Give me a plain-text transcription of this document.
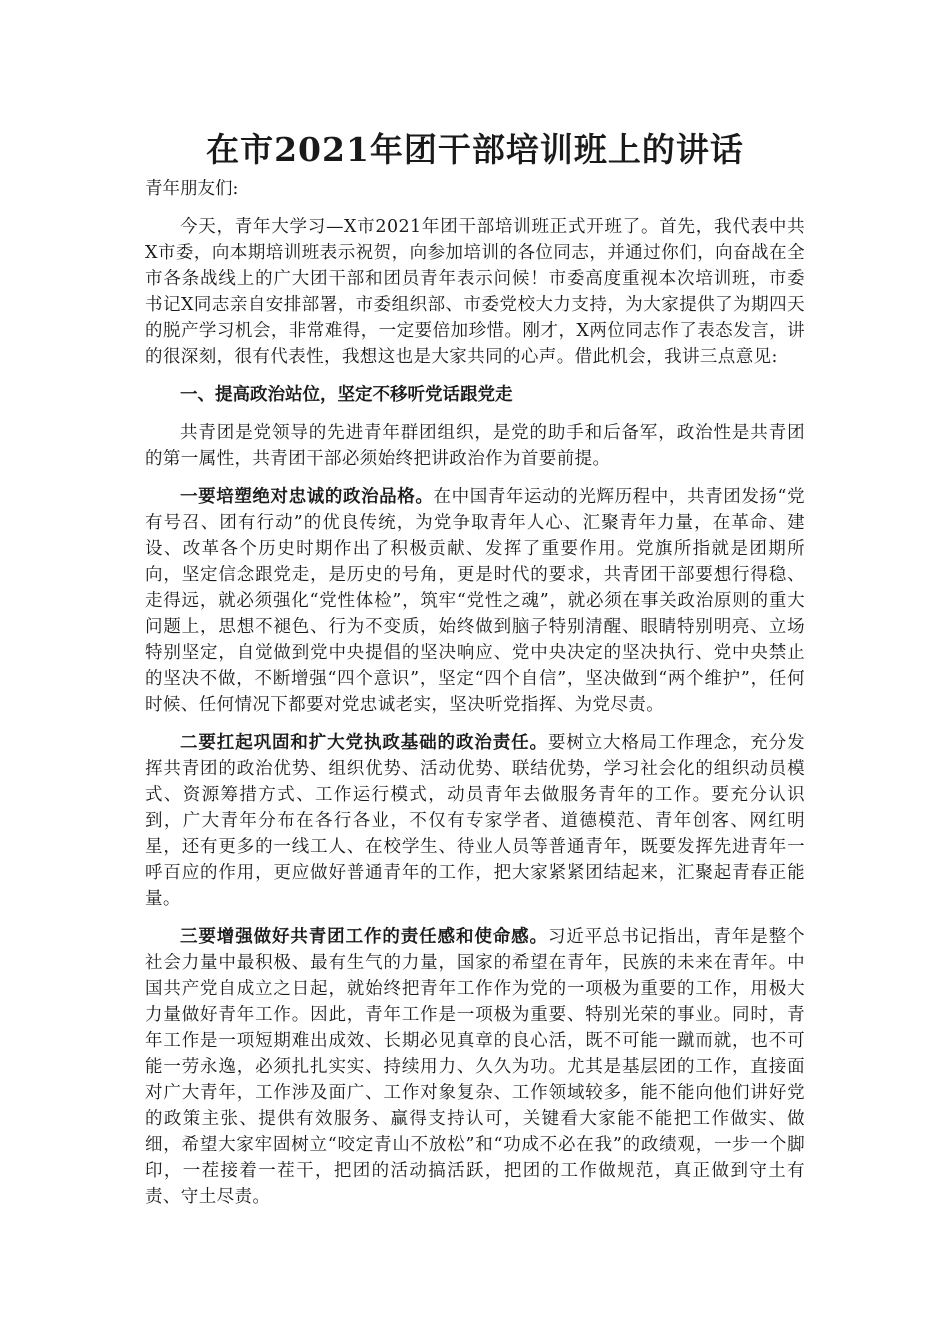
在市2021年团干部培训班上的讲话

青年朋友们:

今天，青年大学习—X市2021年团干部培训班正式开班了。首先，我代表中共X市委，向本期培训班表示祝贺，向参加培训的各位同志，并通过你们，向奋战在全市各条战线上的广大团干部和团员青年表示问候！市委高度重视本次培训班，市委书记X同志亲自安排部署，市委组织部、市委党校大力支持，为大家提供了为期四天的脱产学习机会，非常难得，一定要倍加珍惜。刚才，X两位同志作了表态发言，讲的很深刻，很有代表性，我想这也是大家共同的心声。借此机会，我讲三点意见:

一、提高政治站位，坚定不移听党话跟党走

共青团是党领导的先进青年群团组织，是党的助手和后备军，政治性是共青团的第一属性，共青团干部必须始终把讲政治作为首要前提。

一要培塑绝对忠诚的政治品格。在中国青年运动的光辉历程中，共青团发扬“党有号召、团有行动”的优良传统，为党争取青年人心、汇聚青年力量，在革命、建设、改革各个历史时期作出了积极贡献、发挥了重要作用。党旗所指就是团期所向，坚定信念跟党走，是历史的号角，更是时代的要求，共青团干部要想行得稳、走得远，就必须强化“党性体检”，筑牢“党性之魂”，就必须在事关政治原则的重大问题上，思想不褪色、行为不变质，始终做到脑子特别清醒、眼睛特别明亮、立场特别坚定，自觉做到党中央提倡的坚决响应、党中央决定的坚决执行、党中央禁止的坚决不做，不断增强“四个意识”，坚定“四个自信”，坚决做到“两个维护”，任何时候、任何情况下都要对党忠诚老实，坚决听党指挥、为党尽责。

二要扛起巩固和扩大党执政基础的政治责任。要树立大格局工作理念，充分发挥共青团的政治优势、组织优势、活动优势、联结优势，学习社会化的组织动员模式、资源筹措方式、工作运行模式，动员青年去做服务青年的工作。要充分认识到，广大青年分布在各行各业，不仅有专家学者、道德模范、青年创客、网红明星，还有更多的一线工人、在校学生、待业人员等普通青年，既要发挥先进青年一呼百应的作用，更应做好普通青年的工作，把大家紧紧团结起来，汇聚起青春正能量。

三要增强做好共青团工作的责任感和使命感。习近平总书记指出，青年是整个社会力量中最积极、最有生气的力量，国家的希望在青年，民族的未来在青年。中国共产党自成立之日起，就始终把青年工作作为党的一项极为重要的工作，用极大力量做好青年工作。因此，青年工作是一项极为重要、特别光荣的事业。同时，青年工作是一项短期难出成效、长期必见真章的良心活，既不可能一蹴而就，也不可能一劳永逸，必须扎扎实实、持续用力、久久为功。尤其是基层团的工作，直接面对广大青年，工作涉及面广、工作对象复杂、工作领域较多，能不能向他们讲好党的政策主张、提供有效服务、赢得支持认可，关键看大家能不能把工作做实、做细，希望大家牢固树立“咬定青山不放松”和“功成不必在我”的政绩观，一步一个脚印，一茬接着一茬干，把团的活动搞活跃，把团的工作做规范，真正做到守土有责、守土尽责。
